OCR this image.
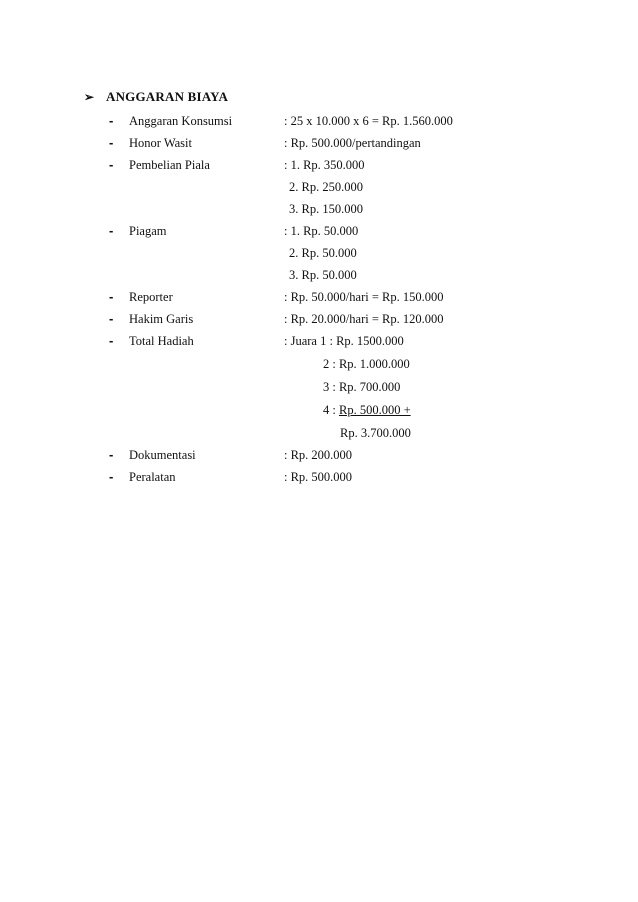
➢ ANGGARAN BIAYA
- Anggaran Konsumsi	: 25 x 10.000 x 6 = Rp. 1.560.000
- Honor Wasit	: Rp. 500.000/pertandingan
- Pembelian Piala	: 1. Rp. 350.000
2. Rp. 250.000
3. Rp. 150.000
- Piagam	: 1. Rp. 50.000
2. Rp. 50.000
3. Rp. 50.000
- Reporter	: Rp. 50.000/hari = Rp. 150.000
- Hakim Garis	: Rp. 20.000/hari = Rp. 120.000
- Total Hadiah	: Juara 1 : Rp. 1500.000
2 : Rp. 1.000.000
3 : Rp. 700.000
4 : Rp. 500.000 +
Rp. 3.700.000
- Dokumentasi	: Rp. 200.000
- Peralatan	: Rp. 500.000
